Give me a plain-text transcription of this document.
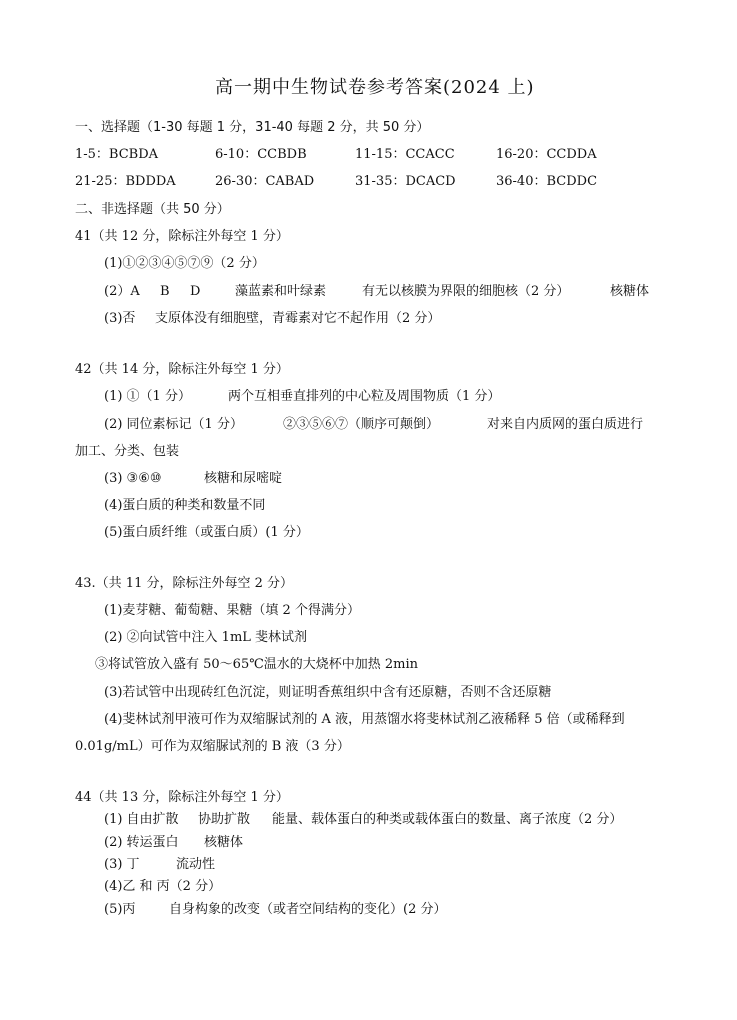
高一期中生物试卷参考答案(2024 上)
一、选择题（1-30 每题 1 分，31-40 每题 2 分，共 50 分）
1-5：BCBDA	6-10：CCBDB	11-15：CCACC	16-20：CCDDA
21-25：BDDDA	26-30：CABAD	31-35：DCACD	36-40：BCDDC
二、非选择题（共 50 分）
41（共 12 分，除标注外每空 1 分）
(1)①②③④⑤⑦⑨（2 分）
(2）A B D	藻蓝素和叶绿素	有无以核膜为界限的细胞核（2 分）	核糖体
(3)否 支原体没有细胞壁，青霉素对它不起作用（2 分）
42（共 14 分，除标注外每空 1 分）
(1) ①（1 分）	两个互相垂直排列的中心粒及周围物质（1 分）
(2) 同位素标记（1 分）	②③⑤⑥⑦（顺序可颠倒）	对来自内质网的蛋白质进行
加工、分类、包装
(3) ③⑥⑩	核糖和尿嘧啶
(4)蛋白质的种类和数量不同
(5)蛋白质纤维（或蛋白质）(1 分）
43.（共 11 分，除标注外每空 2 分）
(1)麦芽糖、葡萄糖、果糖（填 2 个得满分）
(2) ②向试管中注入 1mL 斐林试剂
③将试管放入盛有 50～65℃温水的大烧杯中加热 2min
(3)若试管中出现砖红色沉淀，则证明香蕉组织中含有还原糖，否则不含还原糖
(4)斐林试剂甲液可作为双缩脲试剂的 A 液，用蒸馏水将斐林试剂乙液稀释 5 倍（或稀释到
0.01g/mL）可作为双缩脲试剂的 B 液（3 分）
44（共 13 分，除标注外每空 1 分）
(1) 自由扩散 协助扩散 能量、载体蛋白的种类或载体蛋白的数量、离子浓度（2 分）
(2) 转运蛋白 核糖体
(3) 丁	流动性
(4)乙 和 丙（2 分）
(5)丙	自身构象的改变（或者空间结构的变化）(2 分）
